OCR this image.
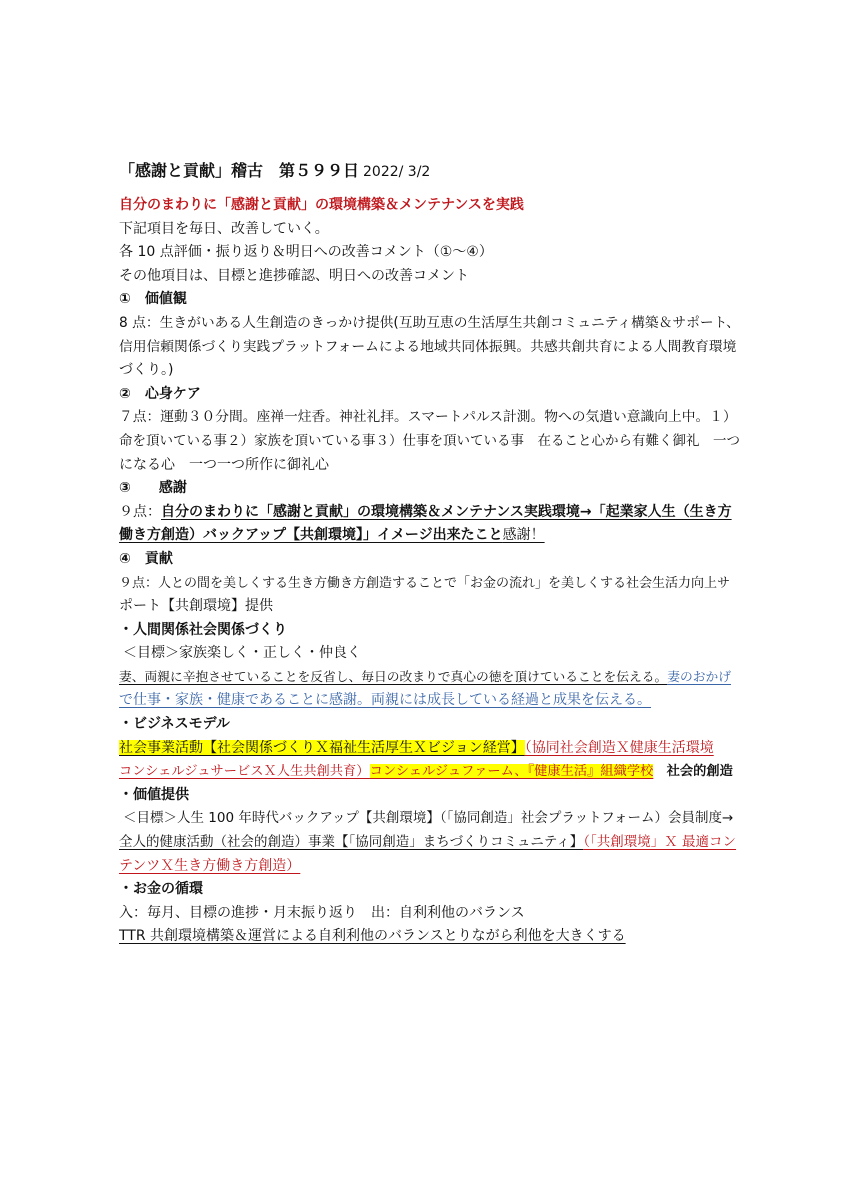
「感謝と貢献」稽古　第５９９日 2022/ 3/2
自分のまわりに「感謝と貢献」の環境構築＆メンテナンスを実践
下記項目を毎日、改善していく。
各 10 点評価・振り返り＆明日への改善コメント（①～④）
その他項目は、目標と進捗確認、明日への改善コメント
①　価値観
8 点：生きがいある人生創造のきっかけ提供(互助互恵の生活厚生共創コミュニティ構築＆サポート、
信用信頼関係づくり実践プラットフォームによる地域共同体振興。共感共創共育による人間教育環境
づくり。)
②　心身ケア
７点：運動３０分間。座禅一炷香。神社礼拝。スマートパルス計測。物への気遣い意識向上中。１）
命を頂いている事２）家族を頂いている事３）仕事を頂いている事　在ること心から有難く御礼　一つ
になる心　一つ一つ所作に御礼心
③　　感謝
９点：自分のまわりに「感謝と貢献」の環境構築＆メンテナンス実践環境→「起業家人生（生き方
働き方創造）バックアップ【共創環境】」イメージ出来たこと感謝！
④　貢献
９点：人との間を美しくする生き方働き方創造することで「お金の流れ」を美しくする社会生活力向上サ
ポート【共創環境】提供
・人間関係社会関係づくり
＜目標＞家族楽しく・正しく・仲良く
妻、両親に辛抱させていることを反省し、毎日の改まりで真心の徳を頂けていることを伝える。妻のおかげ
で仕事・家族・健康であることに感謝。両親には成長している経過と成果を伝える。
・ビジネスモデル
社会事業活動【社会関係づくりＸ福祉生活厚生Ｘビジョン経営】（協同社会創造Ｘ健康生活環境
コンシェルジュサービスＸ人生共創共育）コンシェルジュファーム、『健康生活』組織学校　 社会的創造
・価値提供
＜目標＞人生 100 年時代バックアップ【共創環境】（「協同創造」社会プラットフォーム）会員制度→
全人的健康活動（社会的創造）事業【「協同創造」まちづくりコミュニティ】（「共創環境」Ｘ 最適コン
テンツＸ生き方働き方創造）
・お金の循環
入：毎月、目標の進捗・月末振り返り　出：自利利他のバランス
TTR 共創環境構築＆運営による自利利他のバランスとりながら利他を大きくする
